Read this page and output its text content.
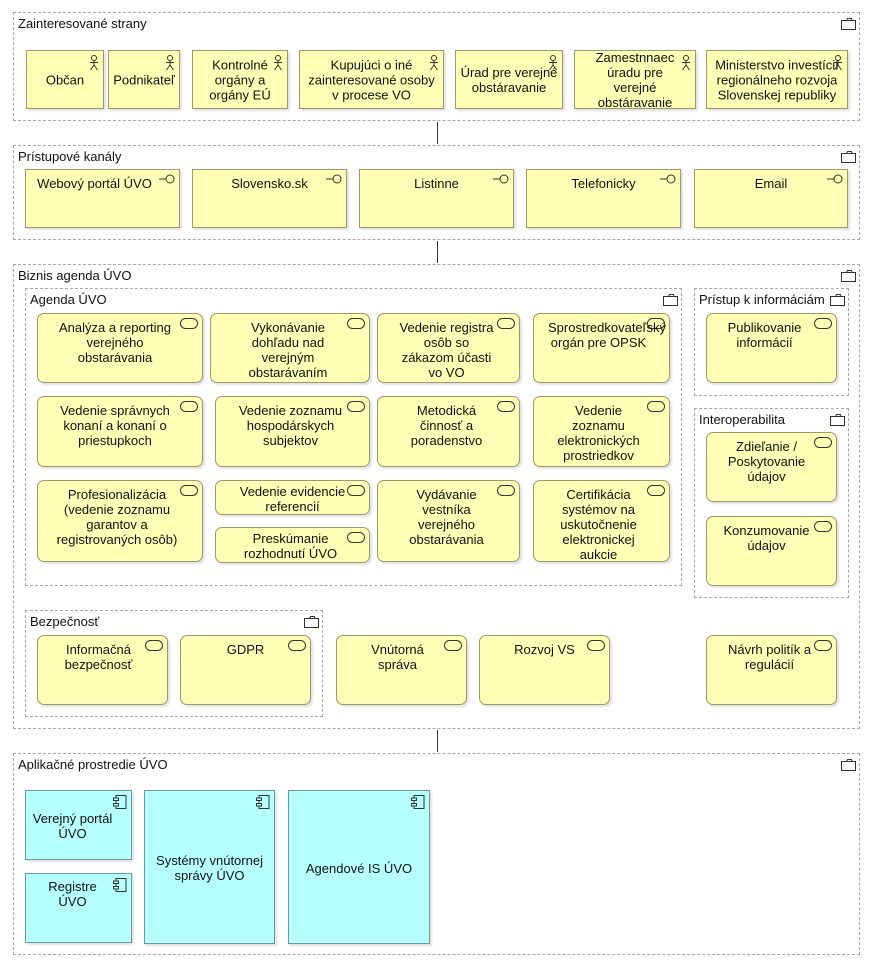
Zainteresované strany
Občan	Podnikateľ
Kontrolné orgány a orgány EÚ
Kupujúci o iné zainteresované osoby v procese VO
Úrad pre verejné obstáravanie
Zamestnnaec úradu pre verejné obstáravanie
Ministerstvo investícií regionálneho rozvoja Slovenskej republiky
Prístupové kanály
Webový portál ÚVO	Slovensko.sk	Listinne	Telefonicky	Email
Biznis agenda ÚVO
Agenda ÚVO	Prístup k informáciám
Interoperabilita
Bezpečnosť
Analýza a reporting verejného obstarávania
Vykonávanie dohľadu nad verejným obstarávaním
Vedenie registra osôb so zákazom účasti vo VO
Sprostredkovateľský orgán pre OPSK
Vedenie správnych konaní a konaní o priestupkoch
Vedenie zoznamu hospodárskych subjektov
Metodická činnosť a poradenstvo
Vedenie zoznamu elektronických prostriedkov
Profesionalizácia (vedenie zoznamu garantov a registrovaných osôb)
Vedenie evidencie referencií
Preskúmanie rozhodnutí ÚVO
Vydávanie vestníka verejného obstarávania
Certifikácia systémov na uskutočnenie elektronickej aukcie
Publikovanie informácií
Zdieľanie / Poskytovanie údajov
Konzumovanie údajov
Informačná bezpečnosť
GDPR	Vnútorná správa
Rozvoj VS	Návrh politík a regulácií
Aplikačné prostredie ÚVO
Verejný portál ÚVO
Registre ÚVO
Systémy vnútornej správy ÚVO	Agendové IS ÚVO
